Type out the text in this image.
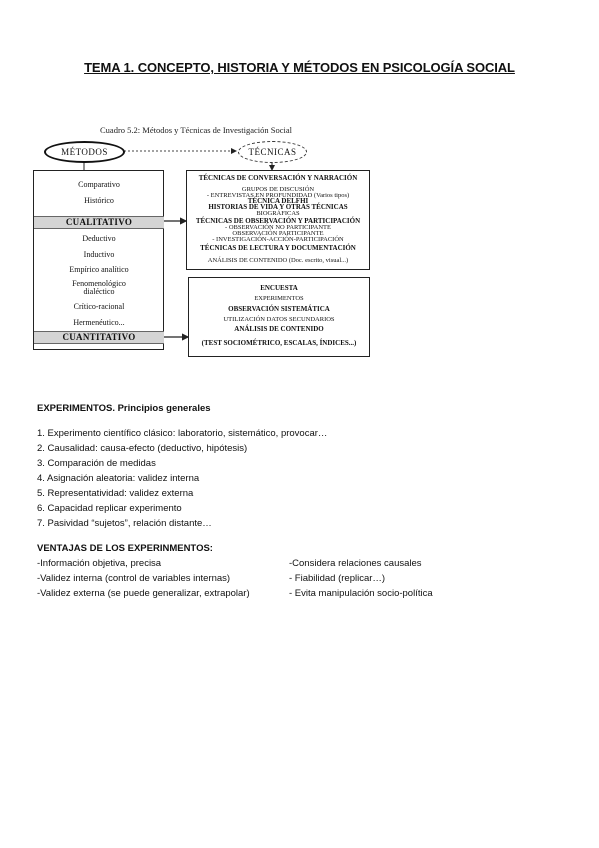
TEMA 1. CONCEPTO, HISTORIA Y MÉTODOS EN PSICOLOGÍA SOCIAL
Cuadro 5.2: Métodos y Técnicas de Investigación Social
MÉTODOS	TÉCNICAS
Comparativo
Histórico
CUALITATIVO
Deductivo
Inductivo
Empírico analítico
Fenomenológico dialéctico
Crítico-racional
Hermenéutico...
CUANTITATIVO
TÉCNICAS DE CONVERSACIÓN Y NARRACIÓN
GRUPOS DE DISCUSIÓN
- ENTREVISTAS EN PROFUNDIDAD (Varios tipos)
TÉCNICA DELFHI
HISTORIAS DE VIDA Y OTRAS TÉCNICAS
BIOGRÁFICAS
TÉCNICAS DE OBSERVACIÓN Y PARTICIPACIÓN
- OBSERVACIÓN NO PARTICIPANTE
OBSERVACIÓN PARTICIPANTE
- INVESTIGACIÓN-ACCIÓN-PARTICIPACIÓN
TÉCNICAS DE LECTURA Y DOCUMENTACIÓN
ANÁLISIS DE CONTENIDO (Doc. escrito, visual...)
ENCUESTA
EXPERIMENTOS
OBSERVACIÓN SISTEMÁTICA
UTILIZACIÓN DATOS SECUNDARIOS
ANÁLISIS DE CONTENIDO
(TEST SOCIOMÉTRICO, ESCALAS, ÍNDICES...)
EXPERIMENTOS. Principios generales
1. Experimento científico clásico: laboratorio, sistemático, provocar…
2. Causalidad: causa-efecto (deductivo, hipótesis)
3. Comparación de medidas
4. Asignación aleatoria: validez interna
5. Representatividad: validez externa
6. Capacidad replicar experimento
7. Pasividad “sujetos”, relación distante…
VENTAJAS DE LOS EXPERINMENTOS:
-Información objetiva, precisa
-Validez interna (control de variables internas)
-Validez externa (se puede generalizar, extrapolar)
-Considera relaciones causales
- Fiabilidad (replicar…)
- Evita manipulación socio-política
